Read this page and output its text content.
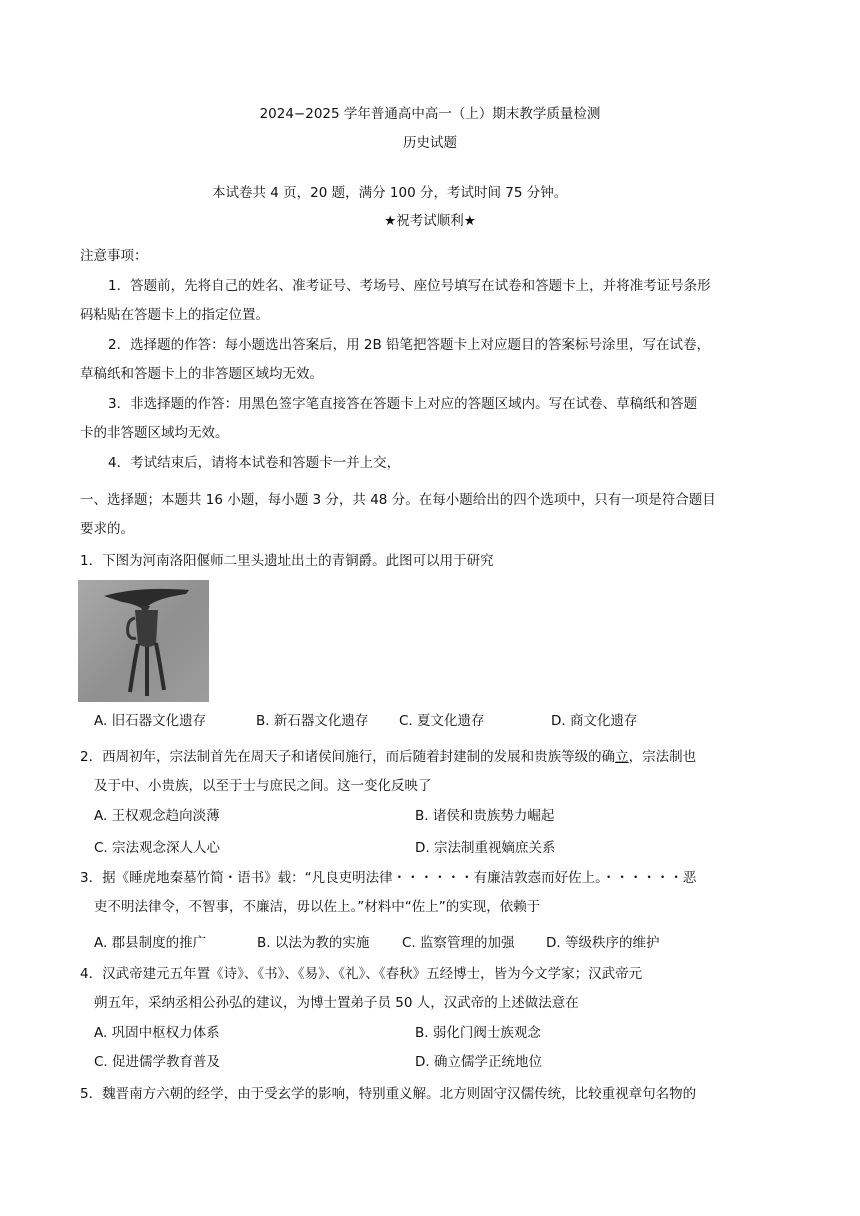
2024−2025 学年普通高中高一（上）期末教学质量检测
历史试题
本试卷共 4 页，20 题，满分 100 分，考试时间 75 分钟。
★祝考试顺利★
注意事项：
1．答题前，先将自己的姓名、准考证号、考场号、座位号填写在试卷和答题卡上，并将准考证号条形
码粘贴在答题卡上的指定位置。
2．选择题的作答：每小题选出答案后，用 2B 铅笔把答题卡上对应题目的答案标号涂里，写在试卷，
草稿纸和答题卡上的非答题区域均无效。
3．非选择题的作答：用黑色签字笔直接答在答题卡上对应的答题区域内。写在试卷、草稿纸和答题
卡的非答题区域均无效。
4．考试结束后，请将本试卷和答题卡一并上交，
一、选择题；本题共 16 小题，每小题 3 分，共 48 分。在每小题给出的四个选项中，只有一项是符合题目
要求的。
1．下图为河南洛阳偃师二里头遗址出土的青铜爵。此图可以用于研究
A. 旧石器文化遗存	B. 新石器文化遗存 C. 夏文化遗存	D. 商文化遗存
2．西周初年，宗法制首先在周天子和诸侯间施行，而后随着封建制的发展和贵族等级的确立，宗法制也
及于中、小贵族，以至于士与庶民之间。这一变化反映了
A. 王权观念趋向淡薄	B. 诸侯和贵族势力崛起
C. 宗法观念深人人心	D. 宗法制重视嫡庶关系
3．据《睡虎地秦墓竹简・语书》载：“凡良吏明法律・・・・・・有廉洁敦悫而好佐上。・・・・・・恶
吏不明法律令，不智事，不廉洁，毋以佐上。”材料中“佐上”的实现，依赖于
A. 郡县制度的推广	B. 以法为教的实施 C. 监察管理的加强 D. 等级秩序的维护
4．汉武帝建元五年置《诗》、《书》、《易》、《礼》、《春秋》五经博士，皆为今文学家；汉武帝元
朔五年，采纳丞相公孙弘的建议，为博士置弟子员 50 人，汉武帝的上述做法意在
A. 巩固中枢权力体系	B. 弱化门阀士族观念
C. 促进儒学教育普及	D. 确立儒学正统地位
5．魏晋南方六朝的经学，由于受玄学的影响，特别重义解。北方则固守汉儒传统，比较重视章句名物的
